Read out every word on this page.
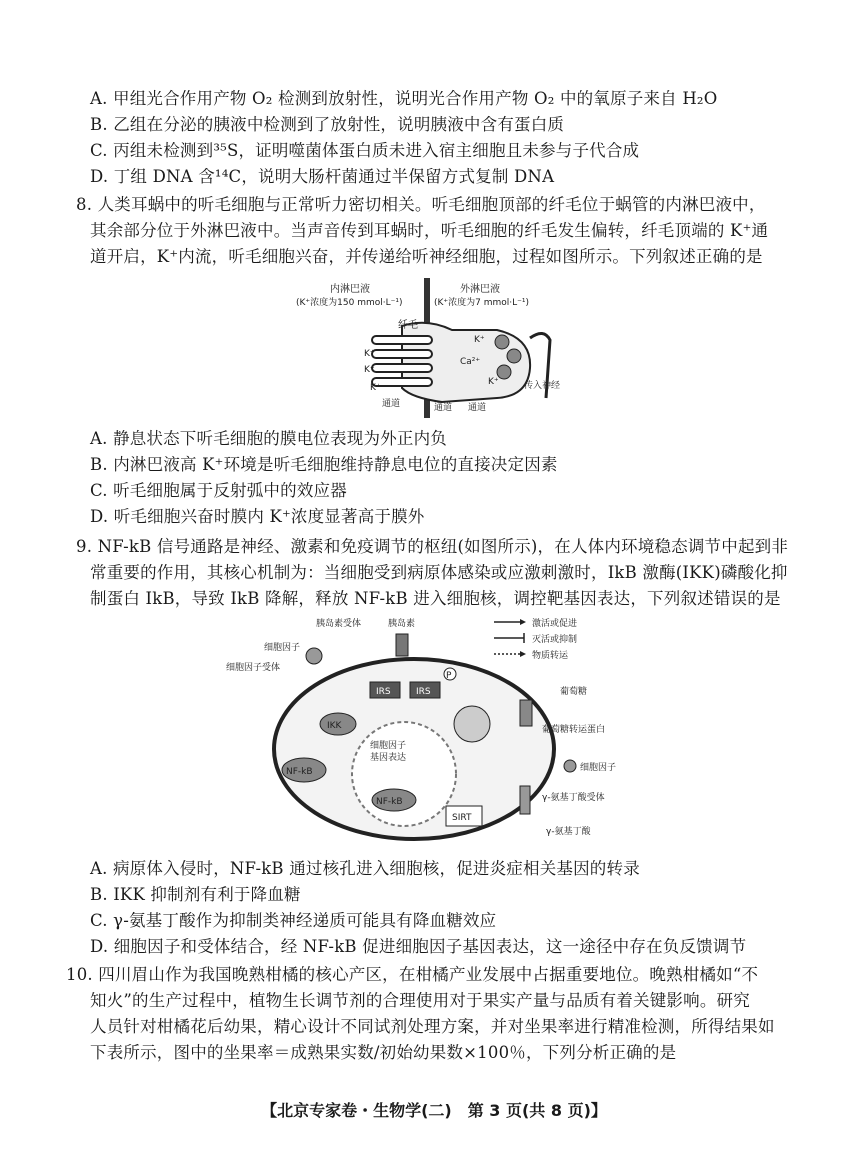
A. 甲组光合作用产物 O₂ 检测到放射性，说明光合作用产物 O₂ 中的氧原子来自 H₂O
B. 乙组在分泌的胰液中检测到了放射性，说明胰液中含有蛋白质
C. 丙组未检测到³⁵S，证明噬菌体蛋白质未进入宿主细胞且未参与子代合成
D. 丁组 DNA 含¹⁴C，说明大肠杆菌通过半保留方式复制 DNA
8. 人类耳蜗中的听毛细胞与正常听力密切相关。听毛细胞顶部的纤毛位于蜗管的内淋巴液中，
其余部分位于外淋巴液中。当声音传到耳蜗时，听毛细胞的纤毛发生偏转，纤毛顶端的 K⁺通
道开启，K⁺内流，听毛细胞兴奋，并传递给听神经细胞，过程如图所示。下列叙述正确的是
内淋巴液
(K⁺浓度为150 mmol·L⁻¹)
外淋巴液
(K⁺浓度为7 mmol·L⁻¹)
纤毛
K⁺
K⁺
K⁺
K⁺
K⁺
Ca²⁺
传入神经
通道	通道 通道
A. 静息状态下听毛细胞的膜电位表现为外正内负
B. 内淋巴液高 K⁺环境是听毛细胞维持静息电位的直接决定因素
C. 听毛细胞属于反射弧中的效应器
D. 听毛细胞兴奋时膜内 K⁺浓度显著高于膜外
9. NF-kB 信号通路是神经、激素和免疫调节的枢纽(如图所示)，在人体内环境稳态调节中起到非
常重要的作用，其核心机制为：当细胞受到病原体感染或应激刺激时，IkB 激酶(IKK)磷酸化抑
制蛋白 IkB，导致 IkB 降解，释放 NF-kB 进入细胞核，调控靶基因表达，下列叙述错误的是
激活或促进
灭活或抑制
物质转运
胰岛素受体	胰岛素
细胞因子
细胞因子受体
IRS	IRS
P
IKK
NF-kB
细胞因子
基因表达
NF-kB
SIRT
葡萄糖
葡萄糖转运蛋白
细胞因子
γ-氨基丁酸受体
γ-氨基丁酸
A. 病原体入侵时，NF-kB 通过核孔进入细胞核，促进炎症相关基因的转录
B. IKK 抑制剂有利于降血糖
C. γ-氨基丁酸作为抑制类神经递质可能具有降血糖效应
D. 细胞因子和受体结合，经 NF-kB 促进细胞因子基因表达，这一途径中存在负反馈调节
10. 四川眉山作为我国晚熟柑橘的核心产区，在柑橘产业发展中占据重要地位。晚熟柑橘如“不
知火”的生产过程中，植物生长调节剂的合理使用对于果实产量与品质有着关键影响。研究
人员针对柑橘花后幼果，精心设计不同试剂处理方案，并对坐果率进行精准检测，所得结果如
下表所示，图中的坐果率＝成熟果实数/初始幼果数×100％，下列分析正确的是
【北京专家卷・生物学(二)　第 3 页(共 8 页)】
